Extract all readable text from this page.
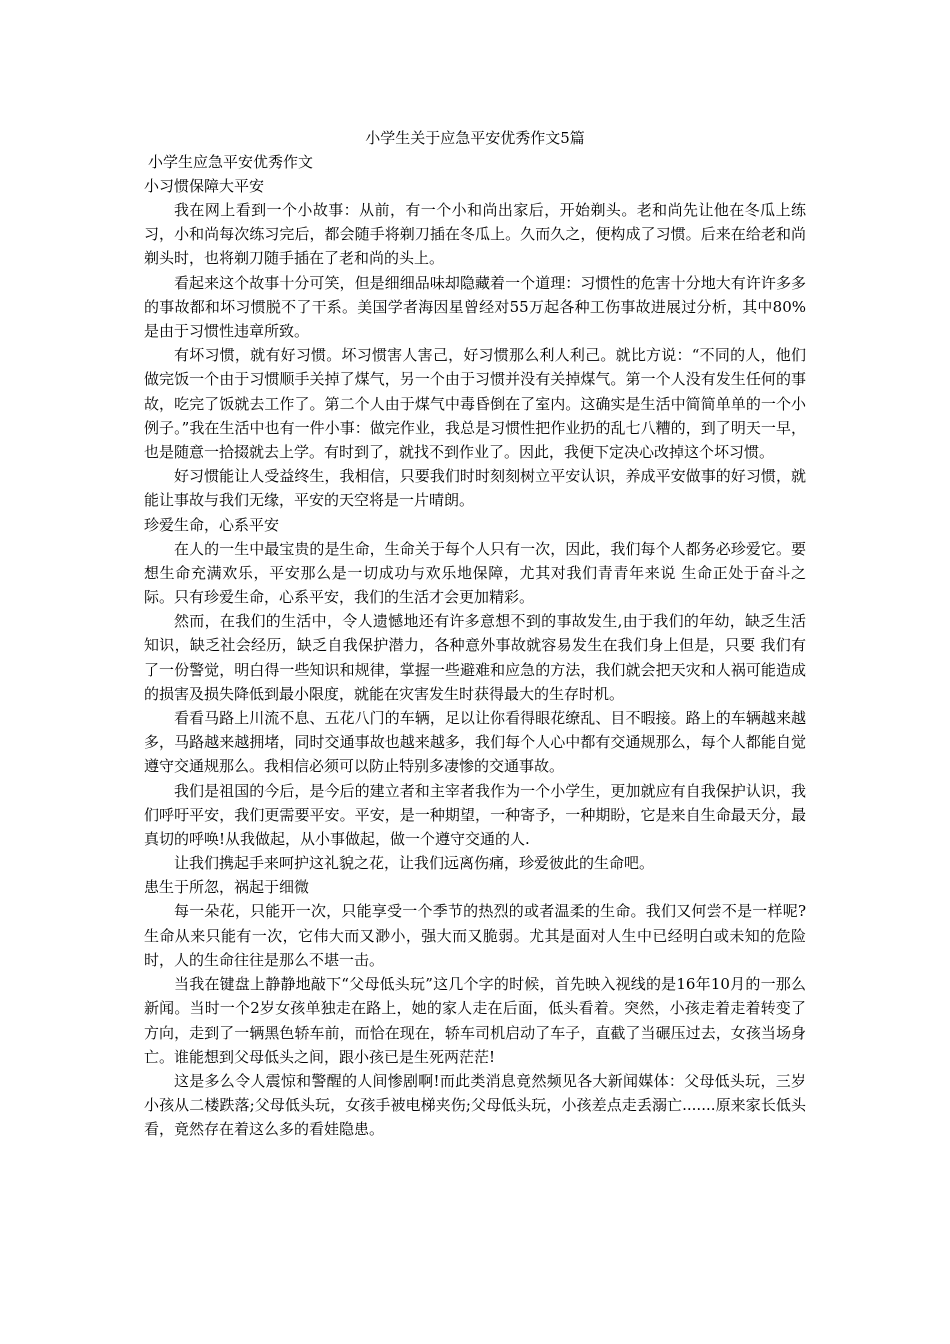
小学生关于应急平安优秀作文5篇

小学生应急平安优秀作文

小习惯保障大平安

我在网上看到一个小故事：从前，有一个小和尚出家后，开始剃头。老和尚先让他在冬瓜上练习，小和尚每次练习完后，都会随手将剃刀插在冬瓜上。久而久之，便构成了习惯。后来在给老和尚剃头时，也将剃刀随手插在了老和尚的头上。

看起来这个故事十分可笑，但是细细品味却隐藏着一个道理：习惯性的危害十分地大有许许多多的事故都和坏习惯脱不了干系。美国学者海因星曾经对55万起各种工伤事故进展过分析，其中80%是由于习惯性违章所致。

有坏习惯，就有好习惯。坏习惯害人害己，好习惯那么利人利己。就比方说：“不同的人，他们做完饭一个由于习惯顺手关掉了煤气，另一个由于习惯并没有关掉煤气。第一个人没有发生任何的事故，吃完了饭就去工作了。第二个人由于煤气中毒昏倒在了室内。这确实是生活中简简单单的一个小例子。”我在生活中也有一件小事：做完作业，我总是习惯性把作业扔的乱七八糟的，到了明天一早，也是随意一拾掇就去上学。有时到了，就找不到作业了。因此，我便下定决心改掉这个坏习惯。

好习惯能让人受益终生，我相信，只要我们时时刻刻树立平安认识，养成平安做事的好习惯，就能让事故与我们无缘，平安的天空将是一片晴朗。

珍爱生命，心系平安

在人的一生中最宝贵的是生命，生命关于每个人只有一次，因此，我们每个人都务必珍爱它。要想生命充满欢乐，平安那么是一切成功与欢乐地保障，尤其对我们青青年来说 生命正处于奋斗之际。只有珍爱生命，心系平安，我们的生活才会更加精彩。

然而，在我们的生活中，令人遗憾地还有许多意想不到的事故发生,由于我们的年幼，缺乏生活知识，缺乏社会经历，缺乏自我保护潜力，各种意外事故就容易发生在我们身上但是，只要 我们有了一份警觉，明白得一些知识和规律，掌握一些避难和应急的方法，我们就会把天灾和人祸可能造成的损害及损失降低到最小限度，就能在灾害发生时获得最大的生存时机。

看看马路上川流不息、五花八门的车辆，足以让你看得眼花缭乱、目不暇接。路上的车辆越来越多，马路越来越拥堵，同时交通事故也越来越多，我们每个人心中都有交通规那么，每个人都能自觉遵守交通规那么。我相信必须可以防止特别多凄惨的交通事故。

我们是祖国的今后，是今后的建立者和主宰者我作为一个小学生，更加就应有自我保护认识，我们呼吁平安，我们更需要平安。平安，是一种期望，一种寄予，一种期盼，它是来自生命最天分，最真切的呼唤!从我做起，从小事做起，做一个遵守交通的人.

让我们携起手来呵护这礼貌之花，让我们远离伤痛，珍爱彼此的生命吧。

患生于所忽，祸起于细微

每一朵花，只能开一次，只能享受一个季节的热烈的或者温柔的生命。我们又何尝不是一样呢?生命从来只能有一次，它伟大而又渺小，强大而又脆弱。尤其是面对人生中已经明白或未知的危险时，人的生命往往是那么不堪一击。

当我在键盘上静静地敲下“父母低头玩”这几个字的时候，首先映入视线的是16年10月的一那么新闻。当时一个2岁女孩单独走在路上，她的家人走在后面，低头看着。突然，小孩走着走着转变了方向，走到了一辆黑色轿车前，而恰在现在，轿车司机启动了车子，直截了当碾压过去，女孩当场身亡。谁能想到父母低头之间，跟小孩已是生死两茫茫!

这是多么令人震惊和警醒的人间惨剧啊!而此类消息竟然频见各大新闻媒体：父母低头玩，三岁小孩从二楼跌落;父母低头玩，女孩手被电梯夹伤;父母低头玩，小孩差点走丢溺亡.......原来家长低头看，竟然存在着这么多的看娃隐患。
